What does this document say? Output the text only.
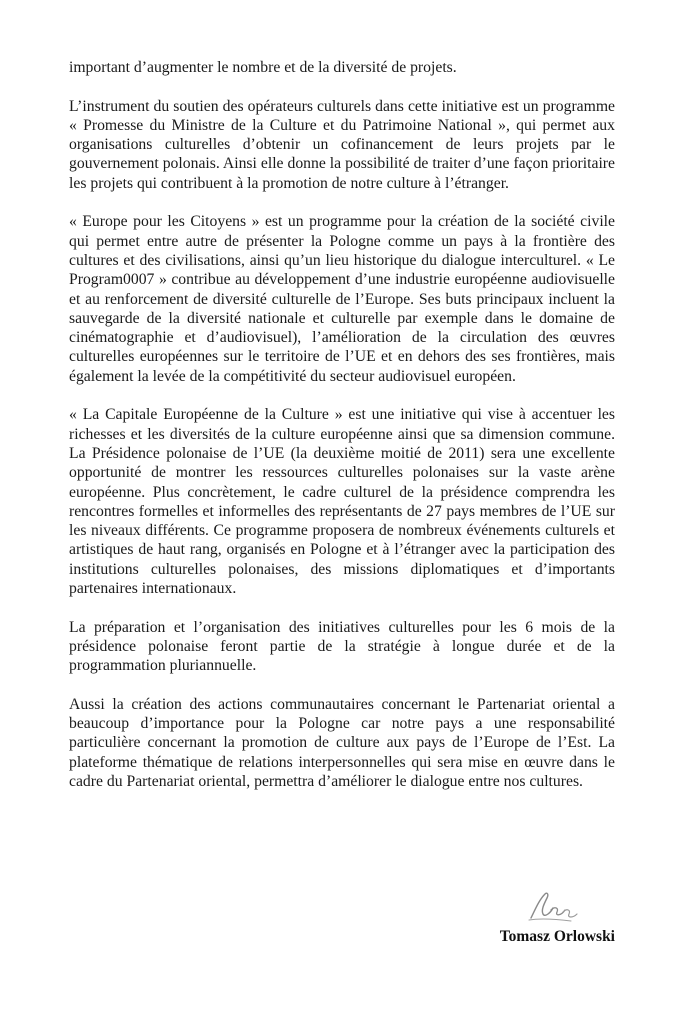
important d’augmenter le nombre et de la diversité de projets.

L’instrument du soutien des opérateurs culturels dans cette initiative est un programme « Promesse du Ministre de la Culture et du Patrimoine National », qui permet aux organisations culturelles d’obtenir un cofinancement de leurs projets par le gouvernement polonais. Ainsi elle donne la possibilité de traiter d’une façon prioritaire les projets qui contribuent à la promotion de notre culture à l’étranger.

« Europe pour les Citoyens » est un programme pour la création de la société civile qui permet entre autre de présenter la Pologne comme un pays à la frontière des cultures et des civilisations, ainsi qu’un lieu historique du dialogue interculturel. « Le Program0007 » contribue au développement d’une industrie européenne audiovisuelle et au renforcement de diversité culturelle de l’Europe. Ses buts principaux incluent la sauvegarde de la diversité nationale et culturelle par exemple dans le domaine de cinématographie et d’audiovisuel), l’amélioration de la circulation des œuvres culturelles européennes sur le territoire de l’UE et en dehors des ses frontières, mais également la levée de la compétitivité du secteur audiovisuel européen.

« La Capitale Européenne de la Culture » est une initiative qui vise à accentuer les richesses et les diversités de la culture européenne ainsi que sa dimension commune. La Présidence polonaise de l’UE (la deuxième moitié de 2011) sera une excellente opportunité de montrer les ressources culturelles polonaises sur la vaste arène européenne. Plus concrètement, le cadre culturel de la présidence comprendra les rencontres formelles et informelles des représentants de 27 pays membres de l’UE sur les niveaux différents. Ce programme proposera de nombreux événements culturels et artistiques de haut rang, organisés en Pologne et à l’étranger avec la participation des institutions culturelles polonaises, des missions diplomatiques et d’importants partenaires internationaux.

La préparation et l’organisation des initiatives culturelles pour les 6 mois de la présidence polonaise feront partie de la stratégie à longue durée et de la programmation pluriannuelle.

Aussi la création des actions communautaires concernant le Partenariat oriental a beaucoup d’importance pour la Pologne car notre pays a une responsabilité particulière concernant la promotion de culture aux pays de l’Europe de l’Est. La plateforme thématique de relations interpersonnelles qui sera mise en œuvre dans le cadre du Partenariat oriental, permettra d’améliorer le dialogue entre nos cultures.

Tomasz Orlowski
